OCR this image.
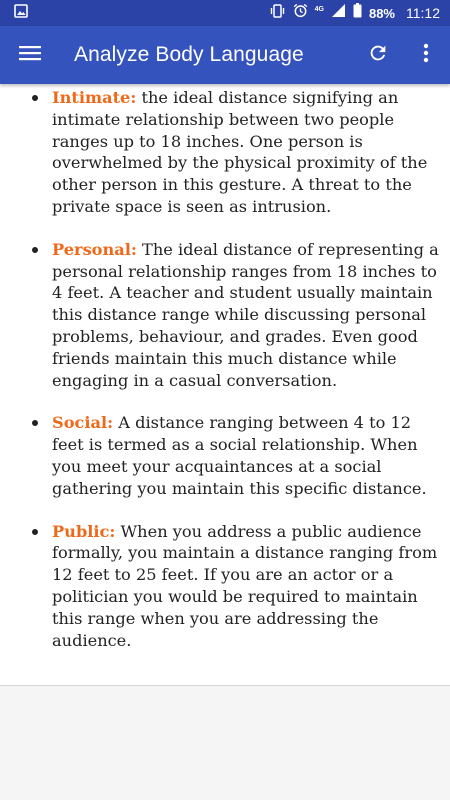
4G	88% 11:12
Analyze Body Language
Intimate: the ideal distance signifying an intimate relationship between two people ranges up to 18 inches. One person is overwhelmed by the physical proximity of the other person in this gesture. A threat to the private space is seen as intrusion.
Personal: The ideal distance of representing a personal relationship ranges from 18 inches to 4 feet. A teacher and student usually maintain this distance range while discussing personal problems, behaviour, and grades. Even good friends maintain this much distance while engaging in a casual conversation.
Social: A distance ranging between 4 to 12 feet is termed as a social relationship. When you meet your acquaintances at a social gathering you maintain this specific distance.
Public: When you address a public audience formally, you maintain a distance ranging from 12 feet to 25 feet. If you are an actor or a politician you would be required to maintain this range when you are addressing the audience.
